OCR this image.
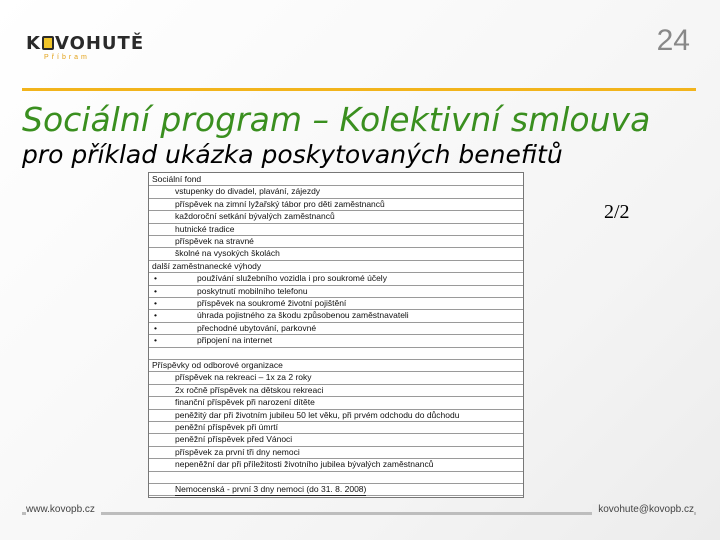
K VOHUTĚ
Příbram
24
Sociální program – Kolektivní smlouva
pro příklad ukázka poskytovaných benefitů
Sociální fond
vstupenky do divadel, plavání, zájezdy
příspěvek na zimní lyžařský tábor pro děti zaměstnanců
každoroční setkání bývalých zaměstnanců
hutnické tradice
příspěvek na stravné
školné na vysokých školách
další zaměstnanecké výhody
•	používání služebního vozidla i pro soukromé účely
•	poskytnutí mobilního telefonu
•	příspěvek na soukromé životní pojištění
•	úhrada pojistného za škodu způsobenou zaměstnavateli
•	přechodné ubytování, parkovné
•	připojení na internet
Příspěvky od odborové organizace
příspěvek na rekreaci – 1x za 2 roky
2x ročně příspěvek na dětskou rekreaci
finanční příspěvek při narození dítěte
peněžitý dar při životním jubileu 50 let věku, při prvém odchodu do důchodu
peněžní příspěvek při úmrtí
peněžní příspěvek před Vánoci
příspěvek za první tři dny nemoci
nepeněžní dar při příležitosti životního jubilea bývalých zaměstnanců
Nemocenská - první 3 dny nemoci (do 31. 8. 2008)
2/2
www.kovopb.cz	kovohute@kovopb.cz
